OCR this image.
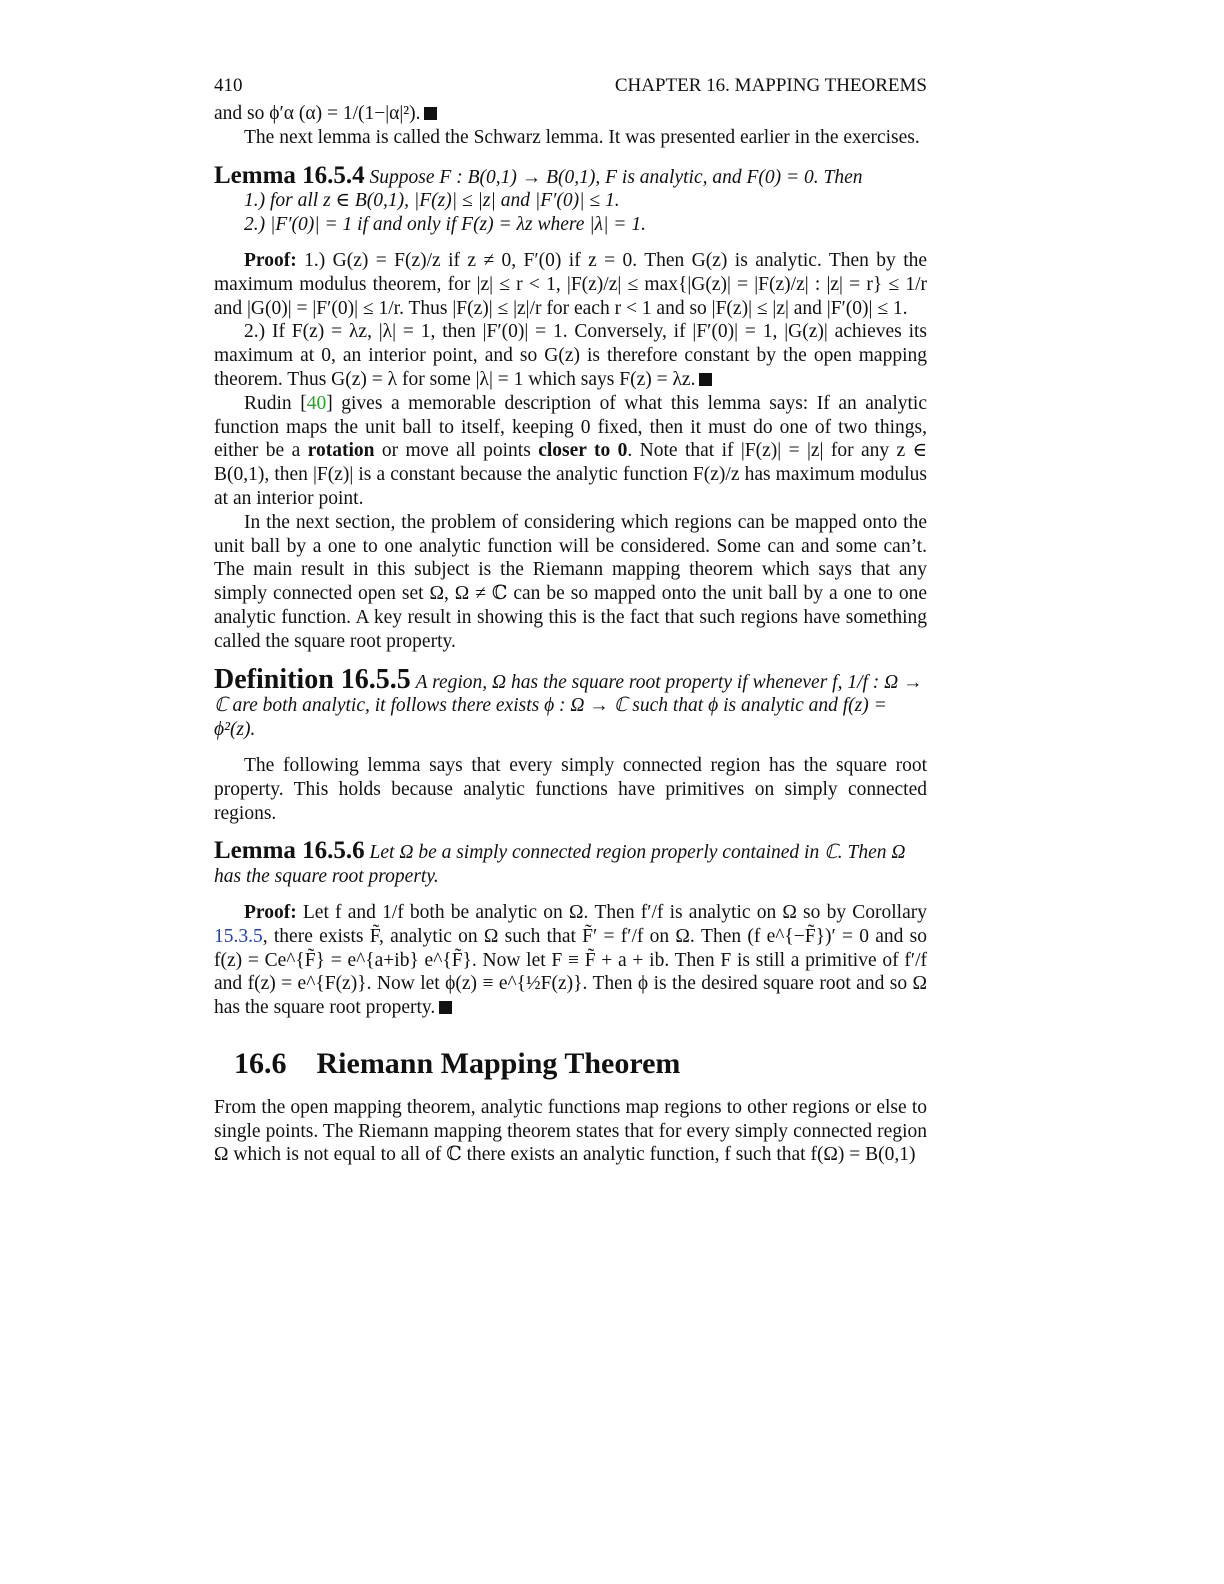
410	CHAPTER 16. MAPPING THEOREMS

and so ϕ′α (α) = 1/(1−|α|²).

The next lemma is called the Schwarz lemma. It was presented earlier in the exercises.

Lemma 16.5.4 Suppose F : B(0,1) → B(0,1), F is analytic, and F(0) = 0. Then
1.) for all z ∈ B(0,1), |F(z)| ≤ |z| and |F′(0)| ≤ 1.
2.) |F′(0)| = 1 if and only if F(z) = λz where |λ| = 1.

Proof: 1.) G(z) = F(z)/z if z ≠ 0, F′(0) if z = 0. Then G(z) is analytic. Then by the maximum modulus theorem, for |z| ≤ r < 1, |F(z)/z| ≤ max{|G(z)| = |F(z)/z| : |z| = r} ≤ 1/r and |G(0)| = |F′(0)| ≤ 1/r. Thus |F(z)| ≤ |z|/r for each r < 1 and so |F(z)| ≤ |z| and |F′(0)| ≤ 1.

2.) If F(z) = λz, |λ| = 1, then |F′(0)| = 1. Conversely, if |F′(0)| = 1, |G(z)| achieves its maximum at 0, an interior point, and so G(z) is therefore constant by the open mapping theorem. Thus G(z) = λ for some |λ| = 1 which says F(z) = λz.

Rudin [40] gives a memorable description of what this lemma says: If an analytic function maps the unit ball to itself, keeping 0 fixed, then it must do one of two things, either be a rotation or move all points closer to 0. Note that if |F(z)| = |z| for any z ∈ B(0,1), then |F(z)| is a constant because the analytic function F(z)/z has maximum modulus at an interior point.

In the next section, the problem of considering which regions can be mapped onto the unit ball by a one to one analytic function will be considered. Some can and some can’t. The main result in this subject is the Riemann mapping theorem which says that any simply connected open set Ω, Ω ≠ ℂ can be so mapped onto the unit ball by a one to one analytic function. A key result in showing this is the fact that such regions have something called the square root property.

Definition 16.5.5 A region, Ω has the square root property if whenever f, 1/f : Ω → ℂ are both analytic, it follows there exists ϕ : Ω → ℂ such that ϕ is analytic and f(z) = ϕ²(z).

The following lemma says that every simply connected region has the square root property. This holds because analytic functions have primitives on simply connected regions.

Lemma 16.5.6 Let Ω be a simply connected region properly contained in ℂ. Then Ω has the square root property.

Proof: Let f and 1/f both be analytic on Ω. Then f′/f is analytic on Ω so by Corollary 15.3.5, there exists F̃, analytic on Ω such that F̃′ = f′/f on Ω. Then (f e^{−F̃})′ = 0 and so f(z) = Ce^{F̃} = e^{a+ib} e^{F̃}. Now let F ≡ F̃ + a + ib. Then F is still a primitive of f′/f and f(z) = e^{F(z)}. Now let ϕ(z) ≡ e^{½F(z)}. Then ϕ is the desired square root and so Ω has the square root property.

16.6 Riemann Mapping Theorem

From the open mapping theorem, analytic functions map regions to other regions or else to single points. The Riemann mapping theorem states that for every simply connected region Ω which is not equal to all of ℂ there exists an analytic function, f such that f(Ω) = B(0,1)
